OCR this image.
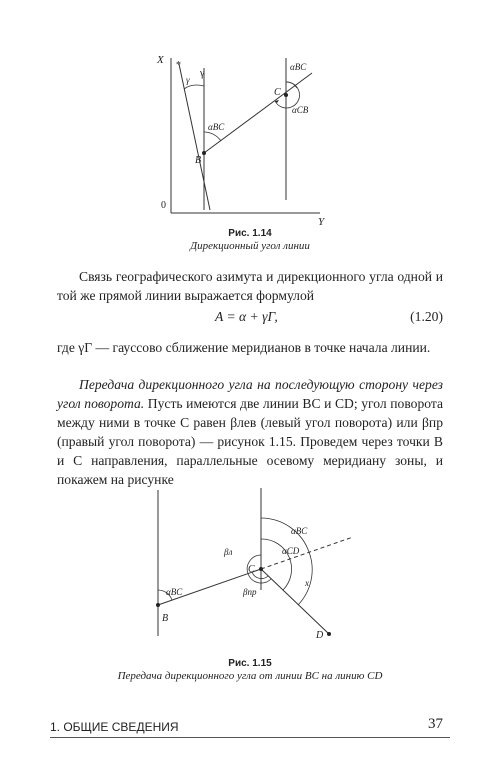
X
Y
0
γ
*
γ
B
C
αBC
αBC
αCB
Рис. 1.14
Дирекционный угол линии
Связь географического азимута и дирекционного угла одной и той же прямой линии выражается формулой
A = α + γГ,	(1.20)
где γГ — гауссово сближение меридианов в точке начала линии.
Передача дирекционного угла на последующую сторону через угол поворота. Пусть имеются две линии BC и CD; угол поворота между ними в точке C равен βлев (левый угол поворота) или βпр (правый угол поворота) — рисунок 1.15. Проведем через точки B и C направления, параллельные осевому меридиану зоны, и покажем на рисунке
B
C
D
αBC
αBC
αCD
x
βл
βпр
Рис. 1.15
Передача дирекционного угла от линии BC на линию CD
1. ОБЩИЕ СВЕДЕНИЯ	37
